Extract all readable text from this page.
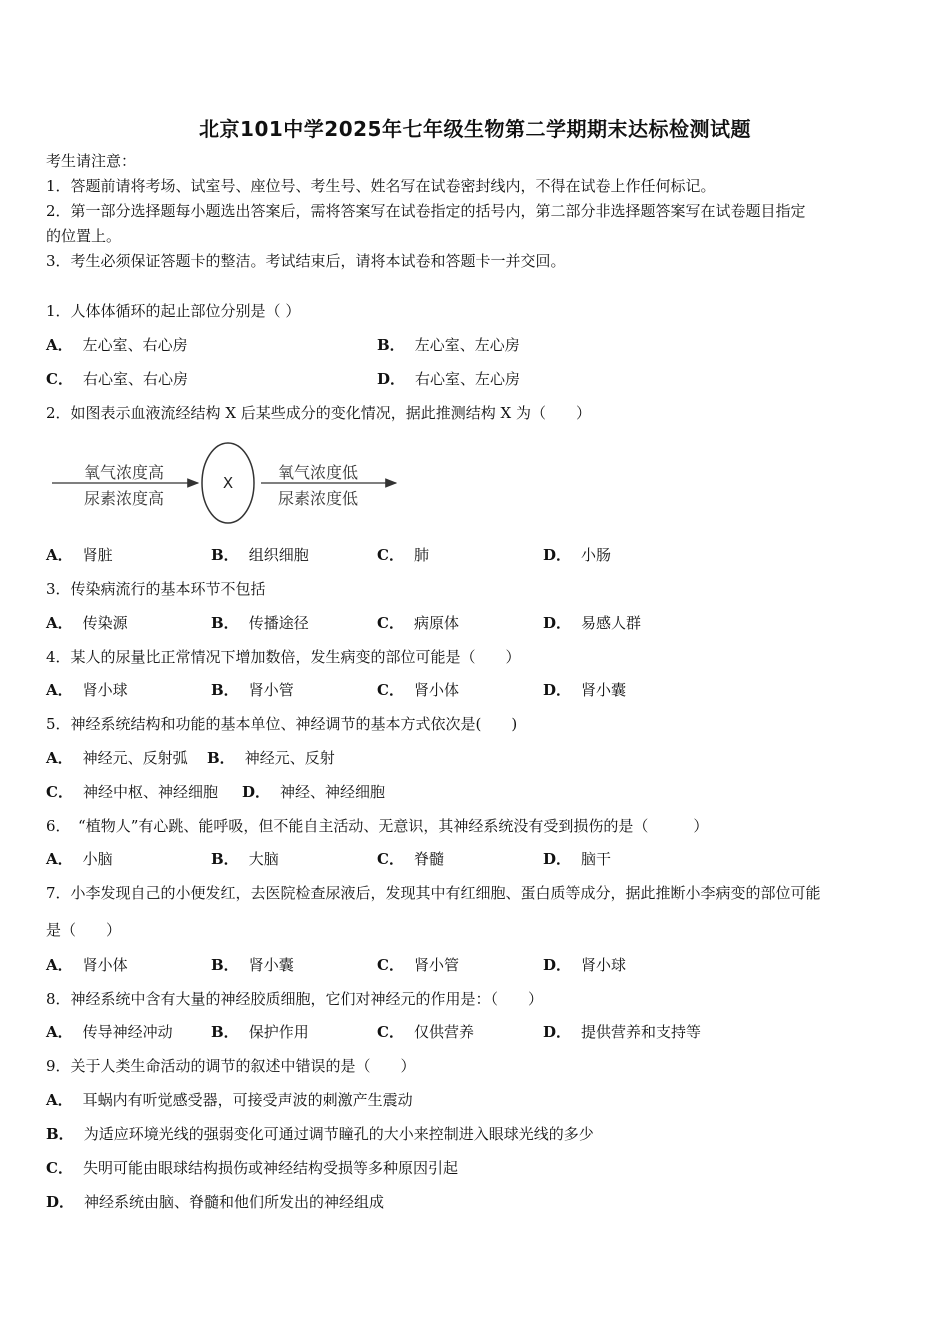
北京101中学2025年七年级生物第二学期期末达标检测试题
考生请注意：
1．答题前请将考场、试室号、座位号、考生号、姓名写在试卷密封线内，不得在试卷上作任何标记。
2．第一部分选择题每小题选出答案后，需将答案写在试卷指定的括号内，第二部分非选择题答案写在试卷题目指定
的位置上。
3．考生必须保证答题卡的整洁。考试结束后，请将本试卷和答题卡一并交回。
1．人体体循环的起止部位分别是（ ）
A． 左心室、右心房	B． 左心室、左心房
C． 右心室、右心房	D． 右心室、左心房
2．如图表示血液流经结构 X 后某些成分的变化情况，据此推测结构 X 为（　　）
X
氧气浓度高
尿素浓度高
氧气浓度低
尿素浓度低
A． 肾脏	B． 组织细胞	C． 肺	D． 小肠
3．传染病流行的基本环节不包括
A． 传染源	B． 传播途径	C． 病原体	D． 易感人群
4．某人的尿量比正常情况下增加数倍，发生病变的部位可能是（　　）
A． 肾小球	B． 肾小管	C． 肾小体	D． 肾小囊
5．神经系统结构和功能的基本单位、神经调节的基本方式依次是(　　)
A． 神经元、反射弧 B． 神经元、反射
C． 神经中枢、神经细胞 D． 神经、神经细胞
6．　“植物人”有心跳、能呼吸，但不能自主活动、无意识，其神经系统没有受到损伤的是（　　　）
A． 小脑	B． 大脑	C． 脊髓	D． 脑干
7．小李发现自己的小便发红，去医院检查尿液后，发现其中有红细胞、蛋白质等成分，据此推断小李病变的部位可能
是（　　）
A． 肾小体	B． 肾小囊	C． 肾小管	D． 肾小球
8．神经系统中含有大量的神经胶质细胞，它们对神经元的作用是：（　　）
A． 传导神经冲动	B． 保护作用	C． 仅供营养	D． 提供营养和支持等
9．关于人类生命活动的调节的叙述中错误的是（　　）
A． 耳蜗内有听觉感受器，可接受声波的刺激产生震动
B． 为适应环境光线的强弱变化可通过调节瞳孔的大小来控制进入眼球光线的多少
C． 失明可能由眼球结构损伤或神经结构受损等多种原因引起
D． 神经系统由脑、脊髓和他们所发出的神经组成
